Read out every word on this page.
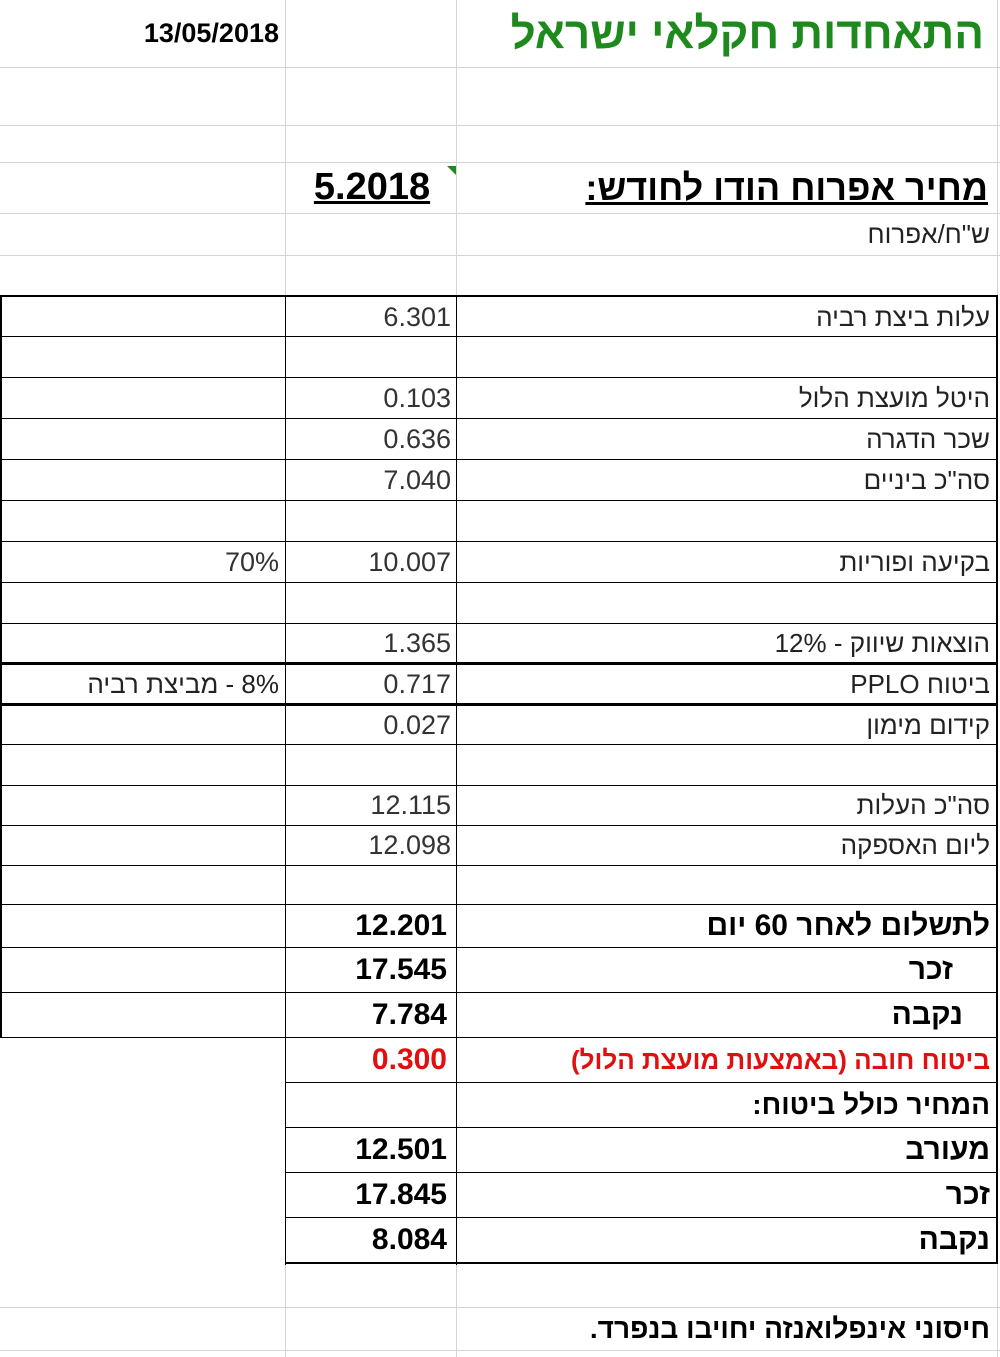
13/05/2018	התאחדות חקלאי ישראל
5.2018	מחיר אפרוח הודו לחודש:
ש"ח/אפרוח
6.301	עלות ביצת רביה
0.103	היטל מועצת הלול
0.636	שכר הדגרה
7.040	סה"כ ביניים
70%	10.007	בקיעה ופוריות
1.365	הוצאות שיווק - 12%
8% - מביצת רביה	0.717	ביטוח PPLO
0.027	קידום מימון
12.115	סה"כ העלות
12.098	ליום האספקה
12.201	לתשלום לאחר 60 יום
17.545	זכר
7.784	נקבה
0.300	ביטוח חובה (באמצעות מועצת הלול)
המחיר כולל ביטוח:
12.501	מעורב
17.845	זכר
8.084	נקבה
חיסוני אינפלואנזה יחויבו בנפרד.
